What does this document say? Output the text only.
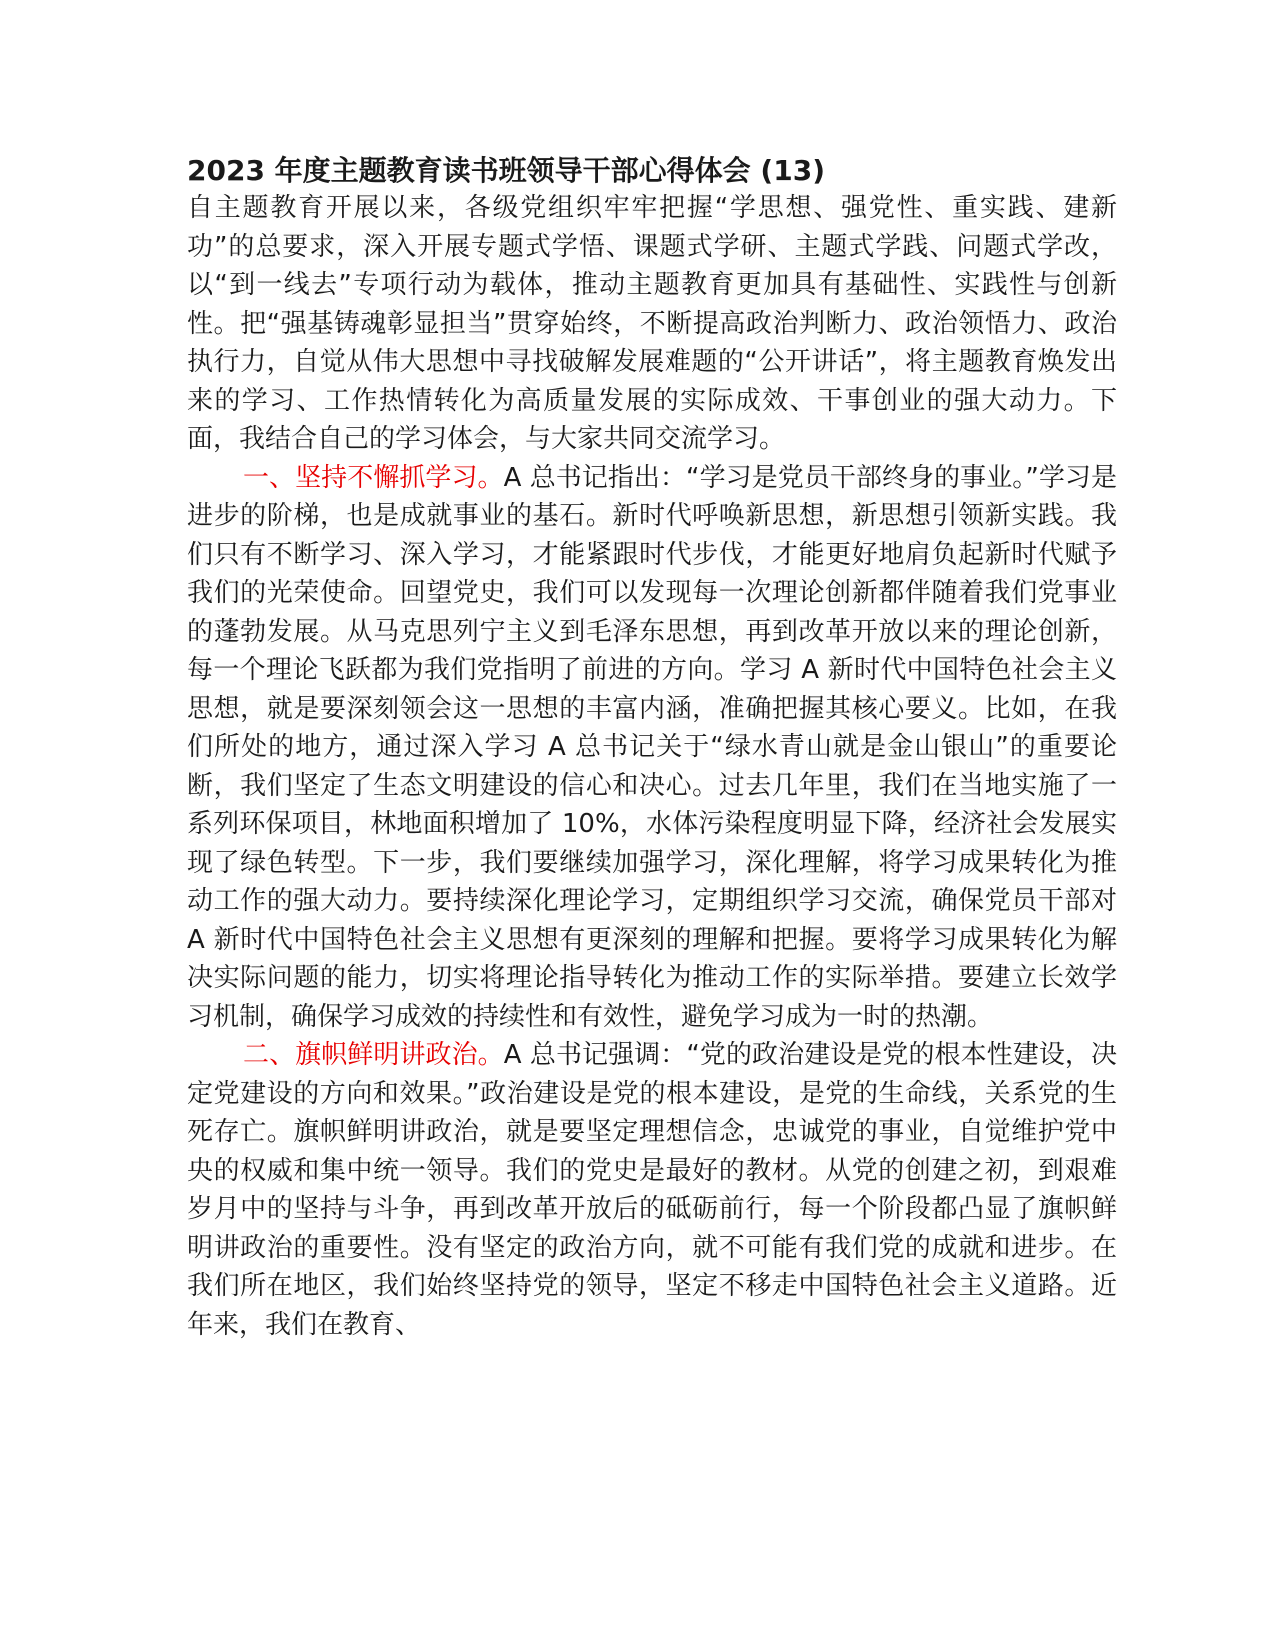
2023 年度主题教育读书班领导干部心得体会 (13)

自主题教育开展以来，各级党组织牢牢把握“学思想、强党性、重实践、建新功”的总要求，深入开展专题式学悟、课题式学研、主题式学践、问题式学改，以“到一线去”专项行动为载体，推动主题教育更加具有基础性、实践性与创新性。把“强基铸魂彰显担当”贯穿始终，不断提高政治判断力、政治领悟力、政治执行力，自觉从伟大思想中寻找破解发展难题的“公开讲话”，将主题教育焕发出来的学习、工作热情转化为高质量发展的实际成效、干事创业的强大动力。下面，我结合自己的学习体会，与大家共同交流学习。

一、坚持不懈抓学习。A 总书记指出：“学习是党员干部终身的事业。”学习是进步的阶梯，也是成就事业的基石。新时代呼唤新思想，新思想引领新实践。我们只有不断学习、深入学习，才能紧跟时代步伐，才能更好地肩负起新时代赋予我们的光荣使命。回望党史，我们可以发现每一次理论创新都伴随着我们党事业的蓬勃发展。从马克思列宁主义到毛泽东思想，再到改革开放以来的理论创新，每一个理论飞跃都为我们党指明了前进的方向。学习 A 新时代中国特色社会主义思想，就是要深刻领会这一思想的丰富内涵，准确把握其核心要义。比如，在我们所处的地方，通过深入学习 A 总书记关于“绿水青山就是金山银山”的重要论断，我们坚定了生态文明建设的信心和决心。过去几年里，我们在当地实施了一系列环保项目，林地面积增加了 10%，水体污染程度明显下降，经济社会发展实现了绿色转型。下一步，我们要继续加强学习，深化理解，将学习成果转化为推动工作的强大动力。要持续深化理论学习，定期组织学习交流，确保党员干部对 A 新时代中国特色社会主义思想有更深刻的理解和把握。要将学习成果转化为解决实际问题的能力，切实将理论指导转化为推动工作的实际举措。要建立长效学习机制，确保学习成效的持续性和有效性，避免学习成为一时的热潮。

二、旗帜鲜明讲政治。A 总书记强调：“党的政治建设是党的根本性建设，决定党建设的方向和效果。”政治建设是党的根本建设，是党的生命线，关系党的生死存亡。旗帜鲜明讲政治，就是要坚定理想信念，忠诚党的事业，自觉维护党中央的权威和集中统一领导。我们的党史是最好的教材。从党的创建之初，到艰难岁月中的坚持与斗争，再到改革开放后的砥砺前行，每一个阶段都凸显了旗帜鲜明讲政治的重要性。没有坚定的政治方向，就不可能有我们党的成就和进步。在我们所在地区，我们始终坚持党的领导，坚定不移走中国特色社会主义道路。近年来，我们在教育、
